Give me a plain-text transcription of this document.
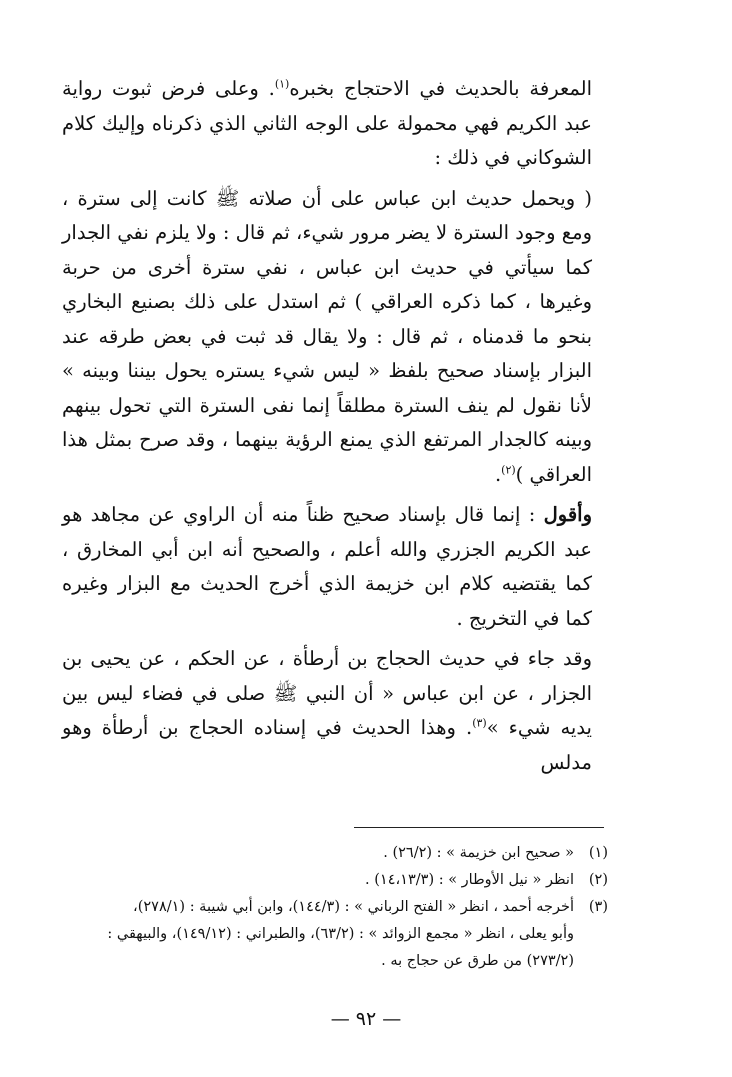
المعرفة بالحديث في الاحتجاج بخبره$^{(١)}$. وعلى فرض ثبوت رواية عبد الكريم فهي محمولة على الوجه الثاني الذي ذكرناه وإليك كلام الشوكاني في ذلك :

( ويحمل حديث ابن عباس على أن صلاته ﷺ كانت إلى سترة ، ومع وجود السترة لا يضر مرور شيء، ثم قال : ولا يلزم نفي الجدار كما سيأتي في حديث ابن عباس ، نفي سترة أخرى من حربة وغيرها ، كما ذكره العراقي ) ثم استدل على ذلك بصنيع البخاري بنحو ما قدمناه ، ثم قال : ولا يقال قد ثبت في بعض طرقه عند البزار بإسناد صحيح بلفظ « ليس شيء يستره يحول بيننا وبينه » لأنا نقول لم ينف السترة مطلقاً إنما نفى السترة التي تحول بينهم وبينه كالجدار المرتفع الذي يمنع الرؤية بينهما ، وقد صرح بمثل هذا العراقي )$^{(٢)}$.

وأقول : إنما قال بإسناد صحيح ظناً منه أن الراوي عن مجاهد هو عبد الكريم الجزري والله أعلم ، والصحيح أنه ابن أبي المخارق ، كما يقتضيه كلام ابن خزيمة الذي أخرج الحديث مع البزار وغيره كما في التخريج .

وقد جاء في حديث الحجاج بن أرطأة ، عن الحكم ، عن يحيى بن الجزار ، عن ابن عباس « أن النبي ﷺ صلى في فضاء ليس بين يديه شيء »$^{(٣)}$. وهذا الحديث في إسناده الحجاج بن أرطأة وهو مدلس

(١)
« صحيح ابن خزيمة » : (٢٦/٢) .
(٢)
انظر « نيل الأوطار » : (١٤،١٣/٣) .
(٣)
أخرجه أحمد ، انظر « الفتح الرباني » : (١٤٤/٣)، وابن أبي شيبة : (٢٧٨/١)،
وأبو يعلى ، انظر « مجمع الزوائد » : (٦٣/٢)، والطبراني : (١٤٩/١٢)، والبيهقي :
(٢٧٣/٢) من طرق عن حجاج به .
— ٩٢ —
